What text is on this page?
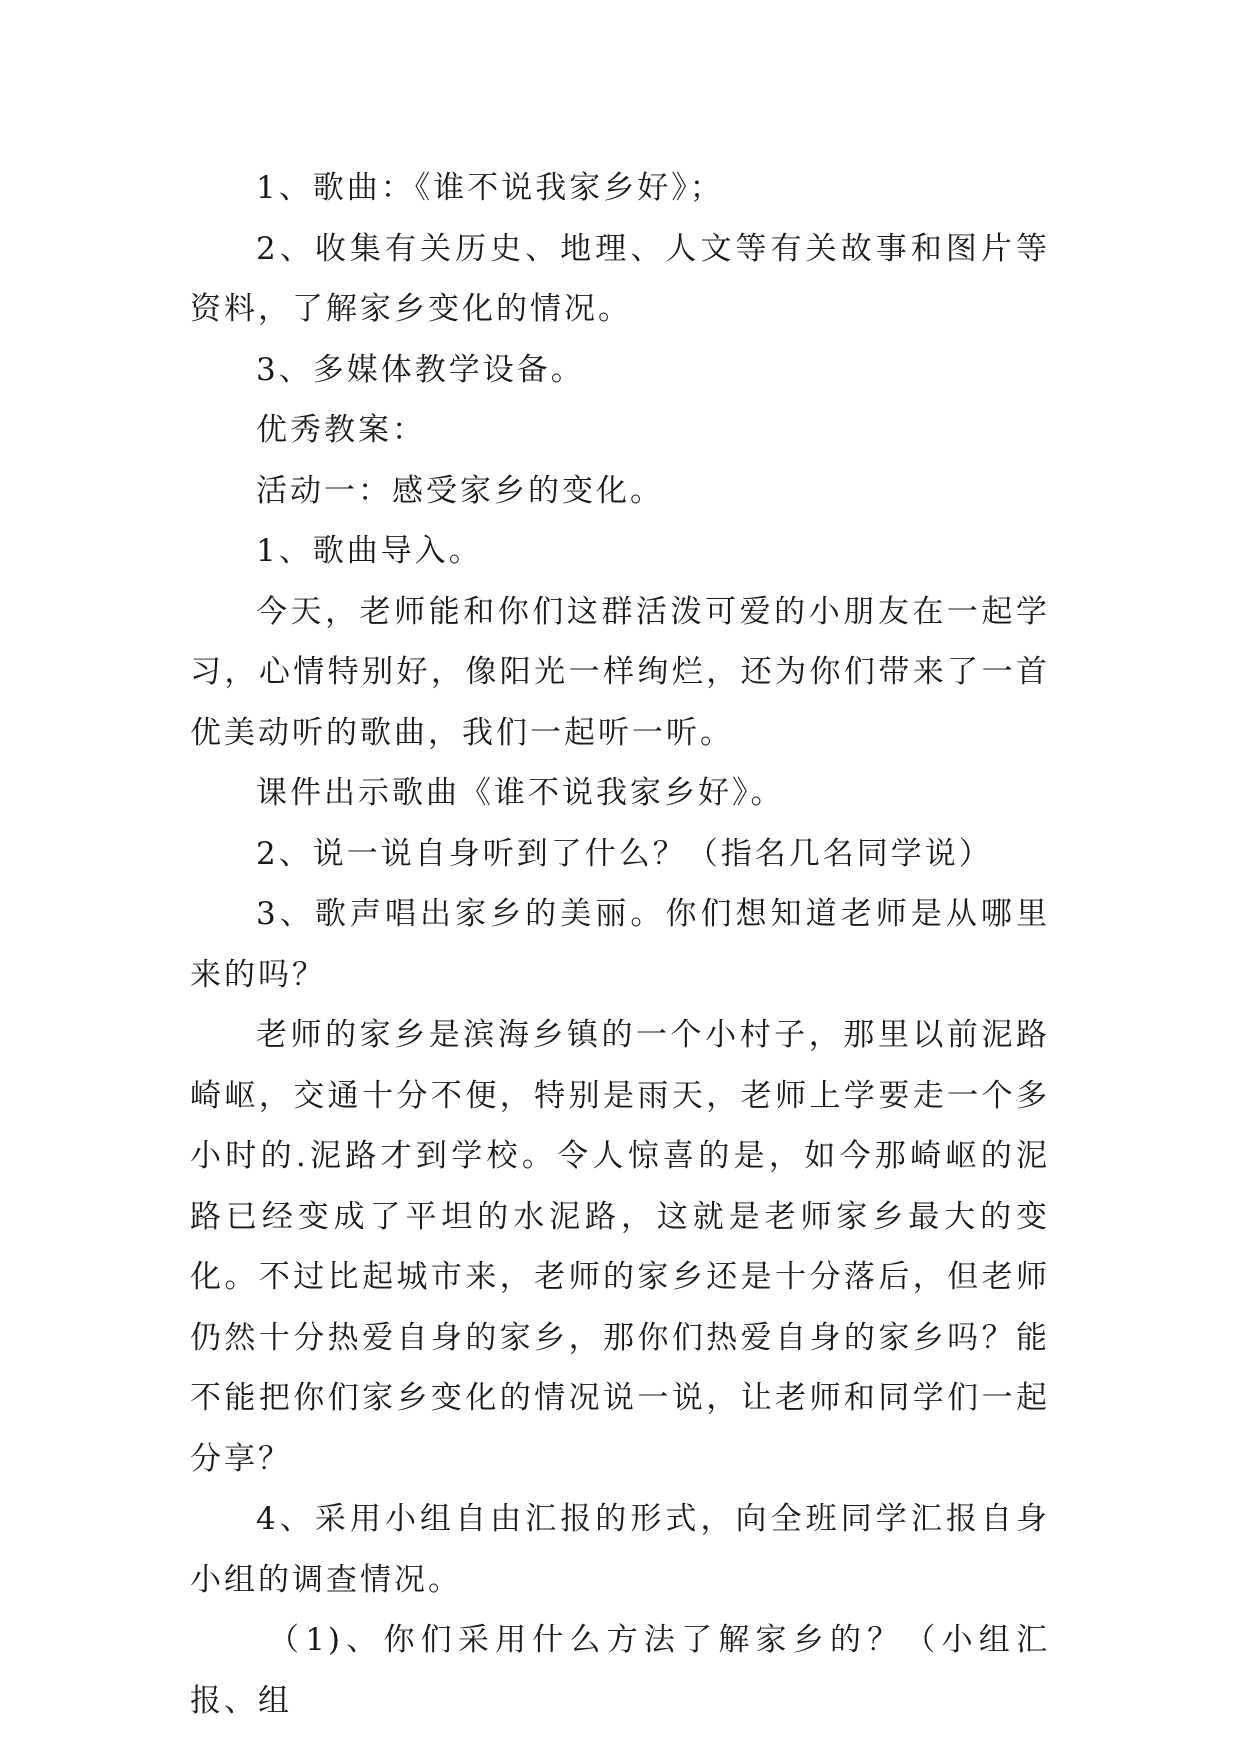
1、歌曲：《谁不说我家乡好》；

2、收集有关历史、地理、人文等有关故事和图片等资料，了解家乡变化的情况。

3、多媒体教学设备。

优秀教案：

活动一：感受家乡的变化。

1、歌曲导入。

今天，老师能和你们这群活泼可爱的小朋友在一起学习，心情特别好，像阳光一样绚烂，还为你们带来了一首优美动听的歌曲，我们一起听一听。

课件出示歌曲《谁不说我家乡好》。

2、说一说自身听到了什么？（指名几名同学说）

3、歌声唱出家乡的美丽。你们想知道老师是从哪里来的吗？

老师的家乡是滨海乡镇的一个小村子，那里以前泥路崎岖，交通十分不便，特别是雨天，老师上学要走一个多小时的.泥路才到学校。令人惊喜的是，如今那崎岖的泥路已经变成了平坦的水泥路，这就是老师家乡最大的变化。不过比起城市来，老师的家乡还是十分落后，但老师仍然十分热爱自身的家乡，那你们热爱自身的家乡吗？能不能把你们家乡变化的情况说一说，让老师和同学们一起分享？

4、采用小组自由汇报的形式，向全班同学汇报自身小组的调查情况。

（1)、你们采用什么方法了解家乡的？（小组汇报、组
